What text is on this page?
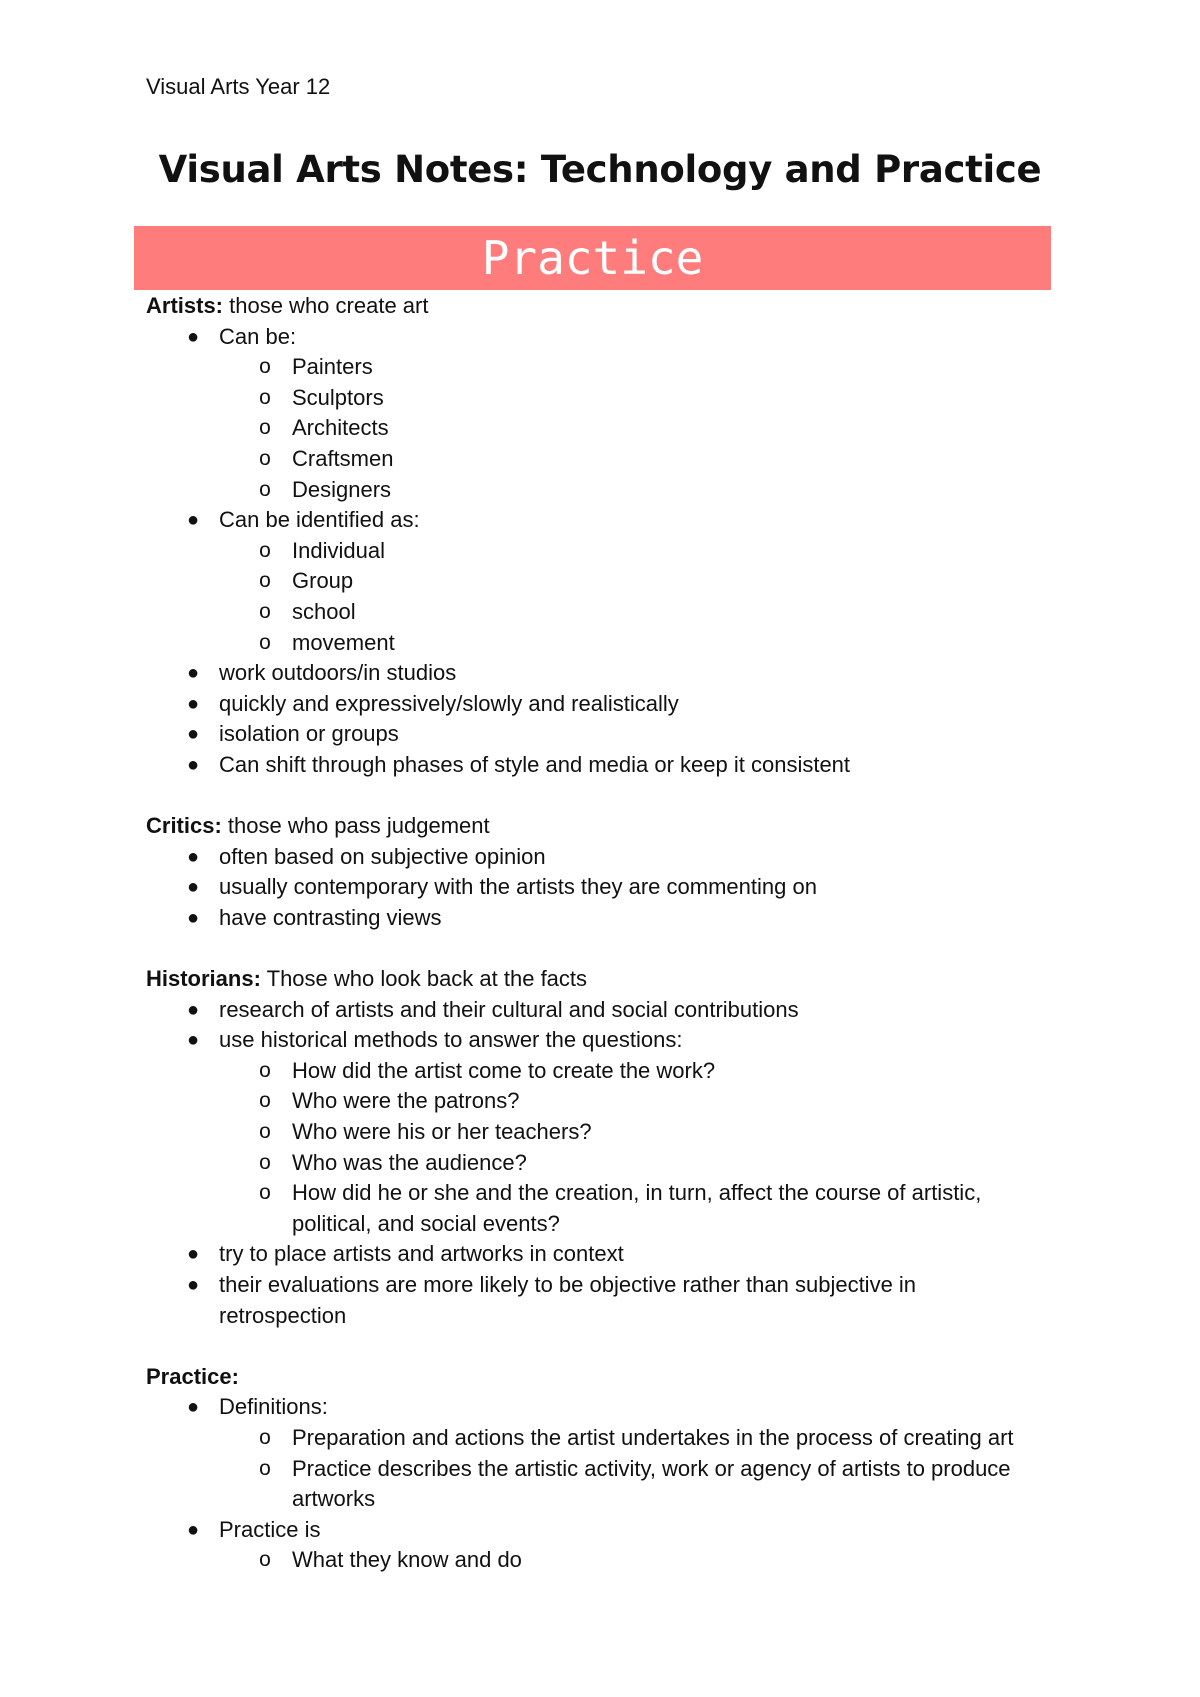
Visual Arts Year 12
Visual Arts Notes: Technology and Practice
Practice
Artists: those who create art
● Can be:
o Painters
o Sculptors
o Architects
o Craftsmen
o Designers
● Can be identified as:
o Individual
o Group
o school
o movement
● work outdoors/in studios
● quickly and expressively/slowly and realistically
● isolation or groups
● Can shift through phases of style and media or keep it consistent
Critics: those who pass judgement
● often based on subjective opinion
● usually contemporary with the artists they are commenting on
● have contrasting views
Historians: Those who look back at the facts
● research of artists and their cultural and social contributions
● use historical methods to answer the questions:
o How did the artist come to create the work?
o Who were the patrons?
o Who were his or her teachers?
o Who was the audience?
o How did he or she and the creation, in turn, affect the course of artistic, political, and social events?
● try to place artists and artworks in context
● their evaluations are more likely to be objective rather than subjective in retrospection
Practice:
● Definitions:
o Preparation and actions the artist undertakes in the process of creating art
o Practice describes the artistic activity, work or agency of artists to produce artworks
● Practice is
o What they know and do
